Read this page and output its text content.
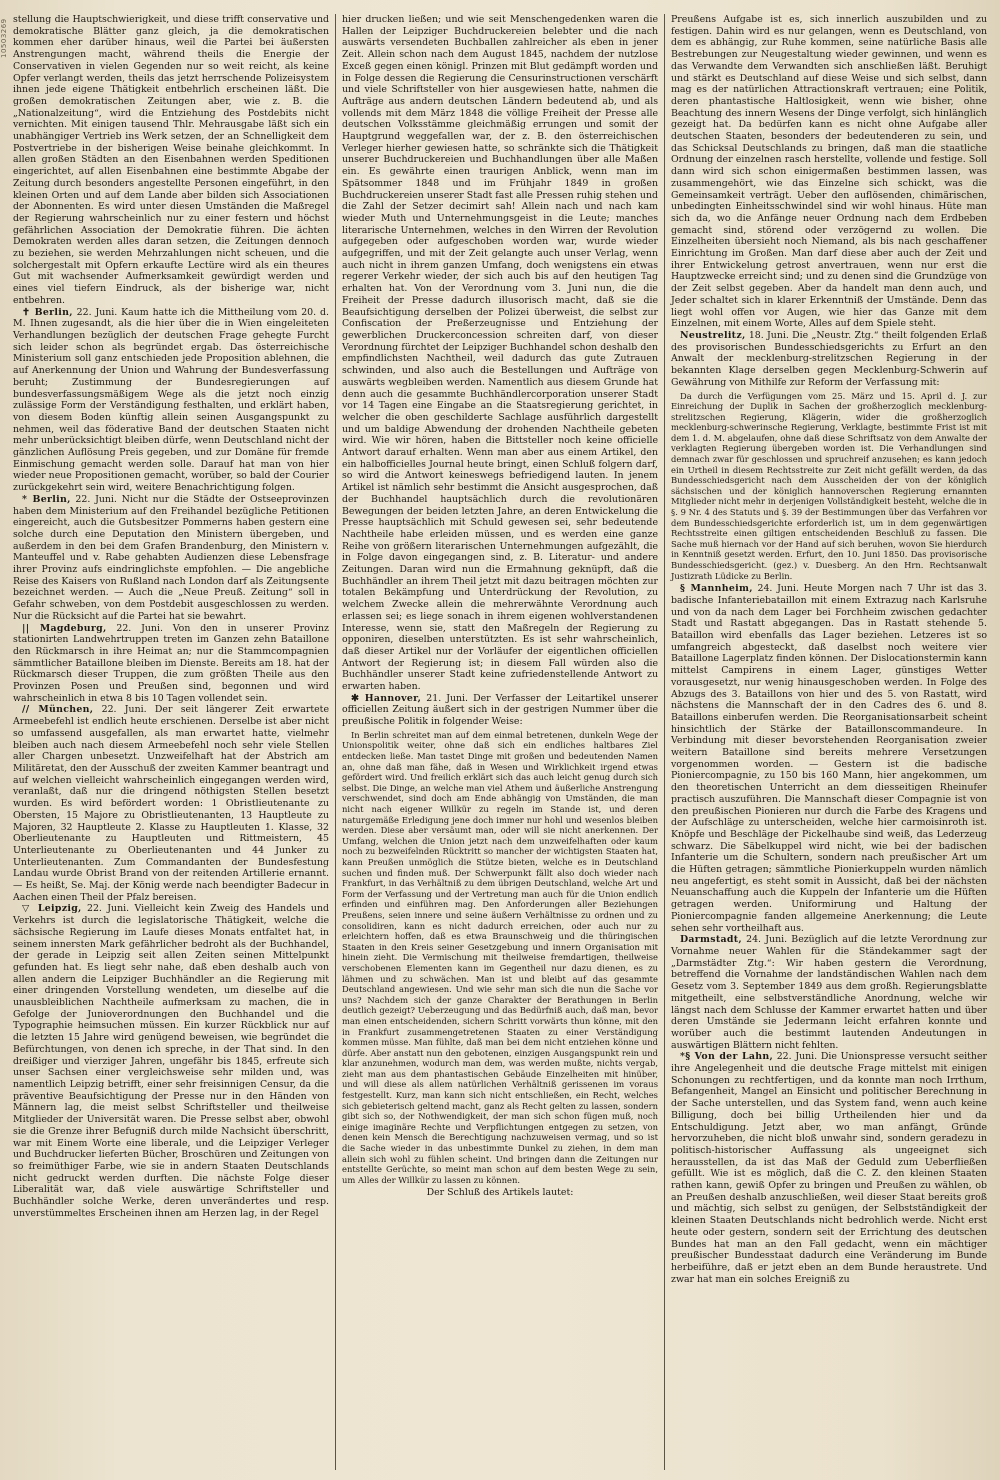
10503269 stellung die Hauptschwierigkeit, und diese trifft conservative und demokratische Blätter ganz gleich, ja die demokratischen kommen eher darüber hinaus, weil die Partei bei äußersten Anstrengungen macht, während theils die Energie der Conservativen in vielen Gegenden nur so weit reicht, als keine Opfer verlangt werden, theils das jetzt herrschende Polizeisystem ihnen jede eigene Thätigkeit entbehrlich erscheinen läßt. Die großen demokratischen Zeitungen aber, wie z. B. die „Nationalzeitung“, wird die Entziehung des Postdebits nicht vernichten. Mit einigen tausend Thlr. Mehrausgabe läßt sich ein unabhängiger Vertrieb ins Werk setzen, der an Schnelligkeit dem Postvertriebe in der bisherigen Weise beinahe gleichkommt. In allen großen Städten an den Eisenbahnen werden Speditionen eingerichtet, auf allen Eisenbahnen eine bestimmte Abgabe der Zeitung durch besonders angestellte Personen eingeführt, in den kleinen Orten und auf dem Lande aber bilden sich Associationen der Abonnenten. Es wird unter diesen Umständen die Maßregel der Regierung wahrscheinlich nur zu einer festern und höchst gefährlichen Association der Demokratie führen. Die ächten Demokraten werden alles daran setzen, die Zeitungen dennoch zu beziehen, sie werden Mehrzahlungen nicht scheuen, und die solchergestalt mit Opfern erkaufte Lectüre wird als ein theures Gut mit wachsender Aufmerksamkeit gewürdigt werden und eines viel tiefern Eindruck, als der bisherige war, nicht entbehren.

✝ Berlin, 22. Juni. Kaum hatte ich die Mittheilung vom 20. d. M. Ihnen zugesandt, als die hier über die in Wien eingeleiteten Verhandlungen bezüglich der deutschen Frage gehegte Furcht sich leider schon als begründet ergab. Das österreichische Ministerium soll ganz entschieden jede Proposition ablehnen, die auf Anerkennung der Union und Wahrung der Bundesverfassung beruht; Zustimmung der Bundesregierungen auf bundesverfassungsmäßigem Wege als die jetzt noch einzig zulässige Form der Verständigung festhalten, und erklärt haben, von diesem Boden künftig allein seinen Ausgangspunkt zu nehmen, weil das föderative Band der deutschen Staaten nicht mehr unberücksichtigt bleiben dürfe, wenn Deutschland nicht der gänzlichen Auflösung Preis gegeben, und zur Domäne für fremde Einmischung gemacht werden solle. Darauf hat man von hier wieder neue Propositionen gemacht, worüber, so bald der Courier zurückgekehrt sein wird, weitere Benachrichtigung folgen.

* Berlin, 22. Juni. Nicht nur die Städte der Ostseeprovinzen haben dem Ministerium auf den Freihandel bezügliche Petitionen eingereicht, auch die Gutsbesitzer Pommerns haben gestern eine solche durch eine Deputation den Ministern übergeben, und außerdem in den bei dem Grafen Brandenburg, den Ministern v. Manteuffel und v. Rabe gehabten Audienzen diese Lebensfrage ihrer Provinz aufs eindringlichste empfohlen. — Die angebliche Reise des Kaisers von Rußland nach London darf als Zeitungsente bezeichnet werden. — Auch die „Neue Preuß. Zeitung“ soll in Gefahr schweben, von dem Postdebit ausgeschlossen zu werden. Nur die Rücksicht auf die Partei hat sie bewahrt.

|| Magdeburg, 22. Juni. Von den in unserer Provinz stationirten Landwehrtruppen treten im Ganzen zehn Bataillone den Rückmarsch in ihre Heimat an; nur die Stammcompagnien sämmtlicher Bataillone bleiben im Dienste. Bereits am 18. hat der Rückmarsch dieser Truppen, die zum größten Theile aus den Provinzen Posen und Preußen sind, begonnen und wird wahrscheinlich in etwa 8 bis 10 Tagen vollendet sein.

// München, 22. Juni. Der seit längerer Zeit erwartete Armeebefehl ist endlich heute erschienen. Derselbe ist aber nicht so umfassend ausgefallen, als man erwartet hatte, vielmehr bleiben auch nach diesem Armeebefehl noch sehr viele Stellen aller Chargen unbesetzt. Unzweifelhaft hat der Abstrich am Militäretat, den der Ausschuß der zweiten Kammer beantragt und auf welchen vielleicht wahrscheinlich eingegangen werden wird, veranlaßt, daß nur die dringend nöthigsten Stellen besetzt wurden. Es wird befördert worden: 1 Obristlieutenante zu Obersten, 15 Majore zu Obristlieutenanten, 13 Hauptleute zu Majoren, 32 Hauptleute 2. Klasse zu Hauptleuten 1. Klasse, 32 Oberlieutenante zu Hauptleuten und Rittmeistern, 45 Unterlieutenante zu Oberlieutenanten und 44 Junker zu Unterlieutenanten. Zum Commandanten der Bundesfestung Landau wurde Obrist Brand von der reitenden Artillerie ernannt. — Es heißt, Se. Maj. der König werde nach beendigter Badecur in Aachen einen Theil der Pfalz bereisen.

▽ Leipzig, 22. Juni. Vielleicht kein Zweig des Handels und Verkehrs ist durch die legislatorische Thätigkeit, welche die sächsische Regierung im Laufe dieses Monats entfaltet hat, in seinem innersten Mark gefährlicher bedroht als der Buchhandel, der gerade in Leipzig seit allen Zeiten seinen Mittelpunkt gefunden hat. Es liegt sehr nahe, daß eben deshalb auch von allen andern die Leipziger Buchhändler an die Regierung mit einer dringenden Vorstellung wendeten, um dieselbe auf die unausbleiblichen Nachtheile aufmerksam zu machen, die in Gefolge der Junioverordnungen den Buchhandel und die Typographie heimsuchen müssen. Ein kurzer Rückblick nur auf die letzten 15 Jahre wird genügend beweisen, wie begründet die Befürchtungen, von denen ich spreche, in der That sind. In den dreißiger und vierziger Jahren, ungefähr bis 1845, erfreute sich unser Sachsen einer vergleichsweise sehr milden und, was namentlich Leipzig betrifft, einer sehr freisinnigen Censur, da die präventive Beaufsichtigung der Presse nur in den Händen von Männern lag, die meist selbst Schriftsteller und theilweise Mitglieder der Universität waren. Die Presse selbst aber, obwohl sie die Grenze ihrer Befugniß durch milde Nachsicht überschritt, war mit Einem Worte eine liberale, und die Leipziger Verleger und Buchdrucker lieferten Bücher, Broschüren und Zeitungen von so freimüthiger Farbe, wie sie in andern Staaten Deutschlands nicht gedruckt werden durften. Die nächste Folge dieser Liberalität war, daß viele auswärtige Schriftsteller und Buchhändler solche Werke, deren unverändertes und resp. unverstümmeltes Erscheinen ihnen am Herzen lag, in der Regel

hier drucken ließen; und wie seit Menschengedenken waren die Hallen der Leipziger Buchdruckereien belebter und die nach auswärts versendeten Buchballen zahlreicher als eben in jener Zeit. Allein schon nach dem August 1845, nachdem der nutzlose Exceß gegen einen königl. Prinzen mit Blut gedämpft worden und in Folge dessen die Regierung die Censurinstructionen verschärft und viele Schriftsteller von hier ausgewiesen hatte, nahmen die Aufträge aus andern deutschen Ländern bedeutend ab, und als vollends mit dem März 1848 die völlige Freiheit der Presse alle deutschen Volksstämme gleichmäßig errungen und somit der Hauptgrund weggefallen war, der z. B. den österreichischen Verleger hierher gewiesen hatte, so schränkte sich die Thätigkeit unserer Buchdruckereien und Buchhandlungen über alle Maßen ein. Es gewährte einen traurigen Anblick, wenn man im Spätsommer 1848 und im Frühjahr 1849 in großen Buchdruckereien unserer Stadt fast alle Pressen ruhig stehen und die Zahl der Setzer decimirt sah! Allein nach und nach kam wieder Muth und Unternehmungsgeist in die Leute; manches literarische Unternehmen, welches in den Wirren der Revolution aufgegeben oder aufgeschoben worden war, wurde wieder aufgegriffen, und mit der Zeit gelangte auch unser Verlag, wenn auch nicht in ihrem ganzen Umfang, doch wenigstens ein etwas regerer Verkehr wieder, der sich auch bis auf den heutigen Tag erhalten hat. Von der Verordnung vom 3. Juni nun, die die Freiheit der Presse dadurch illusorisch macht, daß sie die Beaufsichtigung derselben der Polizei überweist, die selbst zur Confiscation der Preßerzeugnisse und Entziehung der gewerblichen Druckerconcession schreiten darf, von dieser Verordnung fürchtet der Leipziger Buchhandel schon deshalb den empfindlichsten Nachtheil, weil dadurch das gute Zutrauen schwinden, und also auch die Bestellungen und Aufträge von auswärts wegbleiben werden. Namentlich aus diesem Grunde hat denn auch die gesammte Buchhändlercorporation unserer Stadt vor 14 Tagen eine Eingabe an die Staatsregierung gerichtet, in welcher die oben geschilderte Sachlage ausführlich dargestellt und um baldige Abwendung der drohenden Nachtheile gebeten wird. Wie wir hören, haben die Bittsteller noch keine officielle Antwort darauf erhalten. Wenn man aber aus einem Artikel, den ein halbofficielles Journal heute bringt, einen Schluß folgern darf, so wird die Antwort keineswegs befriedigend lauten. In jenem Artikel ist nämlich sehr bestimmt die Ansicht ausgesprochen, daß der Buchhandel hauptsächlich durch die revolutionären Bewegungen der beiden letzten Jahre, an deren Entwickelung die Presse hauptsächlich mit Schuld gewesen sei, sehr bedeutende Nachtheile habe erleiden müssen, und es werden eine ganze Reihe von größern literarischen Unternehmungen aufgezählt, die in Folge davon eingegangen sind, z. B. Literatur- und andere Zeitungen. Daran wird nun die Ermahnung geknüpft, daß die Buchhändler an ihrem Theil jetzt mit dazu beitragen möchten zur totalen Bekämpfung und Unterdrückung der Revolution, zu welchem Zwecke allein die mehrerwähnte Verordnung auch erlassen sei; es liege sonach in ihrem eigenen wohlverstandenen Interesse, wenn sie, statt den Maßregeln der Regierung zu opponiren, dieselben unterstützten. Es ist sehr wahrscheinlich, daß dieser Artikel nur der Vorläufer der eigentlichen officiellen Antwort der Regierung ist; in diesem Fall würden also die Buchhändler unserer Stadt keine zufriedenstellende Antwort zu erwarten haben.

✱ Hannover, 21. Juni. Der Verfasser der Leitartikel unserer officiellen Zeitung äußert sich in der gestrigen Nummer über die preußische Politik in folgender Weise:

In Berlin schreitet man auf dem einmal betretenen, dunkeln Wege der Unionspolitik weiter, ohne daß sich ein endliches haltbares Ziel entdecken ließe. Man tastet Dinge mit großen und bedeutenden Namen an, ohne daß man fähe, daß in Wesen und Wirklichkeit irgend etwas gefördert wird. Und freilich erklärt sich das auch leicht genug durch sich selbst. Die Dinge, an welche man viel Athem und äußerliche Anstrengung verschwendet, sind doch am Ende abhängig von Umständen, die man nicht nach eigener Willkür zu regeln im Stande ist, und deren naturgemäße Erledigung jene doch immer nur hohl und wesenlos bleiben werden. Diese aber versäumt man, oder will sie nicht anerkennen. Der Umfang, welchen die Union jetzt nach dem unzweifelhaften oder kaum noch zu bezweifelnden Rücktritt so mancher der wichtigsten Staaten hat, kann Preußen unmöglich die Stütze bieten, welche es in Deutschland suchen und finden muß. Der Schwerpunkt fällt also doch wieder nach Frankfurt, in das Verhältniß zu dem übrigen Deutschland, welche Art und Form der Verfassung und der Vertretung man auch für die Union endlich erfinden und einführen mag. Den Anforderungen aller Beziehungen Preußens, seien innere und seine äußern Verhältnisse zu ordnen und zu consolidiren, kann es nicht dadurch erreichen, oder auch nur zu erleichtern hoffen, daß es etwa Braunschweig und die thüringischen Staaten in den Kreis seiner Gesetzgebung und innern Organisation mit hinein zieht. Die Vermischung mit theilweise fremdartigen, theilweise verschobenen Elementen kann im Gegentheil nur dazu dienen, es zu lähmen und zu schwächen. Man ist und bleibt auf das gesammte Deutschland angewiesen. Und wie sehr man sich die nun die Sache vor uns? Nachdem sich der ganze Charakter der Berathungen in Berlin deutlich gezeigt? Ueberzeugung und das Bedürfniß auch, daß man, bevor man einen entscheidenden, sichern Schritt vorwärts thun könne, mit den in Frankfurt zusammengetretenen Staaten zu einer Verständigung kommen müsse. Man fühlte, daß man bei dem nicht entziehen könne und dürfe. Aber anstatt nun den gebotenen, einzigen Ausgangspunkt rein und klar anzunehmen, wodurch man dem, was werden mußte, nichts vergab, zieht man aus dem phantastischen Gebäude Einzelheiten mit hinüber, und will diese als allem natürlichen Verhältniß gerissenen im voraus festgestellt. Kurz, man kann sich nicht entschließen, ein Recht, welches sich gebieterisch geltend macht, ganz als Recht gelten zu lassen, sondern gibt sich so, der Nothwendigkeit, der man sich schon fügen muß, noch einige imaginäre Rechte und Verpflichtungen entgegen zu setzen, von denen kein Mensch die Berechtigung nachzuweisen vermag, und so ist die Sache wieder in das unbestimmte Dunkel zu ziehen, in dem man allein sich wohl zu fühlen scheint. Und bringen dann die Zeitungen nur entstellte Gerüchte, so meint man schon auf dem besten Wege zu sein, um Alles der Willkür zu lassen zu können.

Der Schluß des Artikels lautet:

Preußens Aufgabe ist es, sich innerlich auszubilden und zu festigen. Dahin wird es nur gelangen, wenn es Deutschland, von dem es abhängig, zur Ruhe kommen, seine natürliche Basis alle Bestrebungen zur Neugestaltung wieder gewinnen, und wenn es das Verwandte dem Verwandten sich anschließen läßt. Beruhigt und stärkt es Deutschland auf diese Weise und sich selbst, dann mag es der natürlichen Attractionskraft vertrauen; eine Politik, deren phantastische Haltlosigkeit, wenn wie bisher, ohne Beachtung des innern Wesens der Dinge verfolgt, sich hinlänglich gezeigt hat. Da bedürfen kann es nicht ohne Aufgabe aller deutschen Staaten, besonders der bedeutenderen zu sein, und das Schicksal Deutschlands zu bringen, daß man die staatliche Ordnung der einzelnen rasch herstellte, vollende und festige. Soll dann wird sich schon einigermaßen bestimmen lassen, was zusammengehört, wie das Einzelne sich schickt, was die Gemeinsamkeit verträgt. Ueber den auflösenden, chimärischen, unbedingten Einheitsschwindel sind wir wohl hinaus. Hüte man sich da, wo die Anfänge neuer Ordnung nach dem Erdbeben gemacht sind, störend oder verzögernd zu wollen. Die Einzelheiten übersieht noch Niemand, als bis nach geschaffener Einrichtung im Großen. Man darf diese aber auch der Zeit und ihrer Entwickelung getrost anvertrauen, wenn nur erst die Hauptzwecke erreicht sind; und zu denen sind die Grundzüge von der Zeit selbst gegeben. Aber da handelt man denn auch, und Jeder schaltet sich in klarer Erkenntniß der Umstände. Denn das liegt wohl offen vor Augen, wie hier das Ganze mit dem Einzelnen, mit einem Worte, Alles auf dem Spiele steht.

Neustrelitz, 18. Juni. Die „Neustr. Ztg.“ theilt folgenden Erlaß des provisorischen Bundesschiedsgerichts zu Erfurt an den Anwalt der mecklenburg-strelitzschen Regierung in der bekannten Klage derselben gegen Mecklenburg-Schwerin auf Gewährung von Mithilfe zur Reform der Verfassung mit:

Da durch die Verfügungen vom 25. März und 15. April d. J. zur Einreichung der Duplik in Sachen der großherzoglich mecklenburg-strelitzschen Regierung, Klägerin, wider die großherzoglich mecklenburg-schwerinsche Regierung, Verklagte, bestimmte Frist ist mit dem 1. d. M. abgelaufen, ohne daß diese Schriftsatz von dem Anwalte der verklagten Regierung übergeben worden ist. Die Verhandlungen sind demnach zwar für geschlossen und spruchreif anzusehen; es kann jedoch ein Urtheil in diesem Rechtsstreite zur Zeit nicht gefällt werden, da das Bundesschiedsgericht nach dem Ausscheiden der von der königlich sächsischen und der königlich hannoverschen Regierung ernannten Mitglieder nicht mehr in derjenigen Vollständigkeit besteht, welche die in §. 9 Nr. 4 des Statuts und §. 39 der Bestimmungen über das Verfahren vor dem Bundesschiedsgerichte erforderlich ist, um in dem gegenwärtigen Rechtsstreite einen giltigen entscheidenden Beschluß zu fassen. Die Sache muß hiernach vor der Hand auf sich beruhen, wovon Sie hierdurch in Kenntniß gesetzt werden. Erfurt, den 10. Juni 1850. Das provisorische Bundesschiedsgericht. (gez.) v. Duesberg. An den Hrn. Rechtsanwalt Justizrath Lüdicke zu Berlin.

§ Mannheim, 24. Juni. Heute Morgen nach 7 Uhr ist das 3. badische Infanteriebataillon mit einem Extrazug nach Karlsruhe und von da nach dem Lager bei Forchheim zwischen gedachter Stadt und Rastatt abgegangen. Das in Rastatt stehende 5. Bataillon wird ebenfalls das Lager beziehen. Letzeres ist so umfangreich abgesteckt, daß daselbst noch weitere vier Bataillone Lagerplatz finden können. Der Dislocationstermin kann mittelst Campirens in einem Lager, günstiges Wetter vorausgesetzt, nur wenig hinausgeschoben werden. In Folge des Abzugs des 3. Bataillons von hier und des 5. von Rastatt, wird nächstens die Mannschaft der in den Cadres des 6. und 8. Bataillons einberufen werden. Die Reorganisationsarbeit scheint hinsichtlich der Stärke der Bataillonscommandeure. In Verbindung mit dieser bevorstehenden Reorganisation zweier weitern Bataillone sind bereits mehrere Versetzungen vorgenommen worden. — Gestern ist die badische Pioniercompagnie, zu 150 bis 160 Mann, hier angekommen, um den theoretischen Unterricht an dem diesseitigen Rheinufer practisch auszuführen. Die Mannschaft dieser Compagnie ist von den preußischen Pionieren nur durch die Farbe des Kragens und der Aufschläge zu unterscheiden, welche hier carmoisinroth ist. Knöpfe und Beschläge der Pickelhaube sind weiß, das Lederzeug schwarz. Die Säbelkuppel wird nicht, wie bei der badischen Infanterie um die Schultern, sondern nach preußischer Art um die Hüften getragen; sämmtliche Pionierkuppeln wurden nämlich neu angefertigt, es steht somit in Aussicht, daß bei der nächsten Neuanschaffung auch die Kuppeln der Infanterie um die Hüften getragen werden. Uniformirung und Haltung der Pioniercompagnie fanden allgemeine Anerkennung; die Leute sehen sehr vortheilhaft aus.

Darmstadt, 24. Juni. Bezüglich auf die letzte Verordnung zur Vornahme neuer Wahlen für die Ständekammer sagt der „Darmstädter Ztg.“: Wir haben gestern die Verordnung, betreffend die Vornahme der landständischen Wahlen nach dem Gesetz vom 3. September 1849 aus dem großh. Regierungsblatte mitgetheilt, eine selbstverständliche Anordnung, welche wir längst nach dem Schlusse der Kammer erwartet hatten und über deren Umstände sie Jedermann leicht erfahren konnte und worüber auch die bestimmt lautenden Andeutungen in auswärtigen Blättern nicht fehlten.

*§ Von der Lahn, 22. Juni. Die Unionspresse versucht seither ihre Angelegenheit und die deutsche Frage mittelst mit einigen Schonungen zu rechtfertigen, und da konnte man noch Irrthum, Befangenheit, Mangel an Einsicht und politischer Berechnung in der Sache unterstellen, und das System fand, wenn auch keine Billigung, doch bei billig Urtheilenden hier und da Entschuldigung. Jetzt aber, wo man anfängt, Gründe hervorzuheben, die nicht bloß unwahr sind, sondern geradezu in politisch-historischer Auffassung als ungeeignet sich herausstellen, da ist das Maß der Geduld zum Ueberfließen gefüllt. Wie ist es möglich, daß die C. Z. den kleinen Staaten rathen kann, gewiß Opfer zu bringen und Preußen zu wählen, ob an Preußen deshalb anzuschließen, weil dieser Staat bereits groß und mächtig, sich selbst zu genügen, der Selbstständigkeit der kleinen Staaten Deutschlands nicht bedrohlich werde. Nicht erst heute oder gestern, sondern seit der Errichtung des deutschen Bundes hat man an den Fall gedacht, wenn ein mächtiger preußischer Bundesstaat dadurch eine Veränderung im Bunde herbeiführe, daß er jetzt eben an dem Bunde heraustrete. Und zwar hat man ein solches Ereigniß zu
